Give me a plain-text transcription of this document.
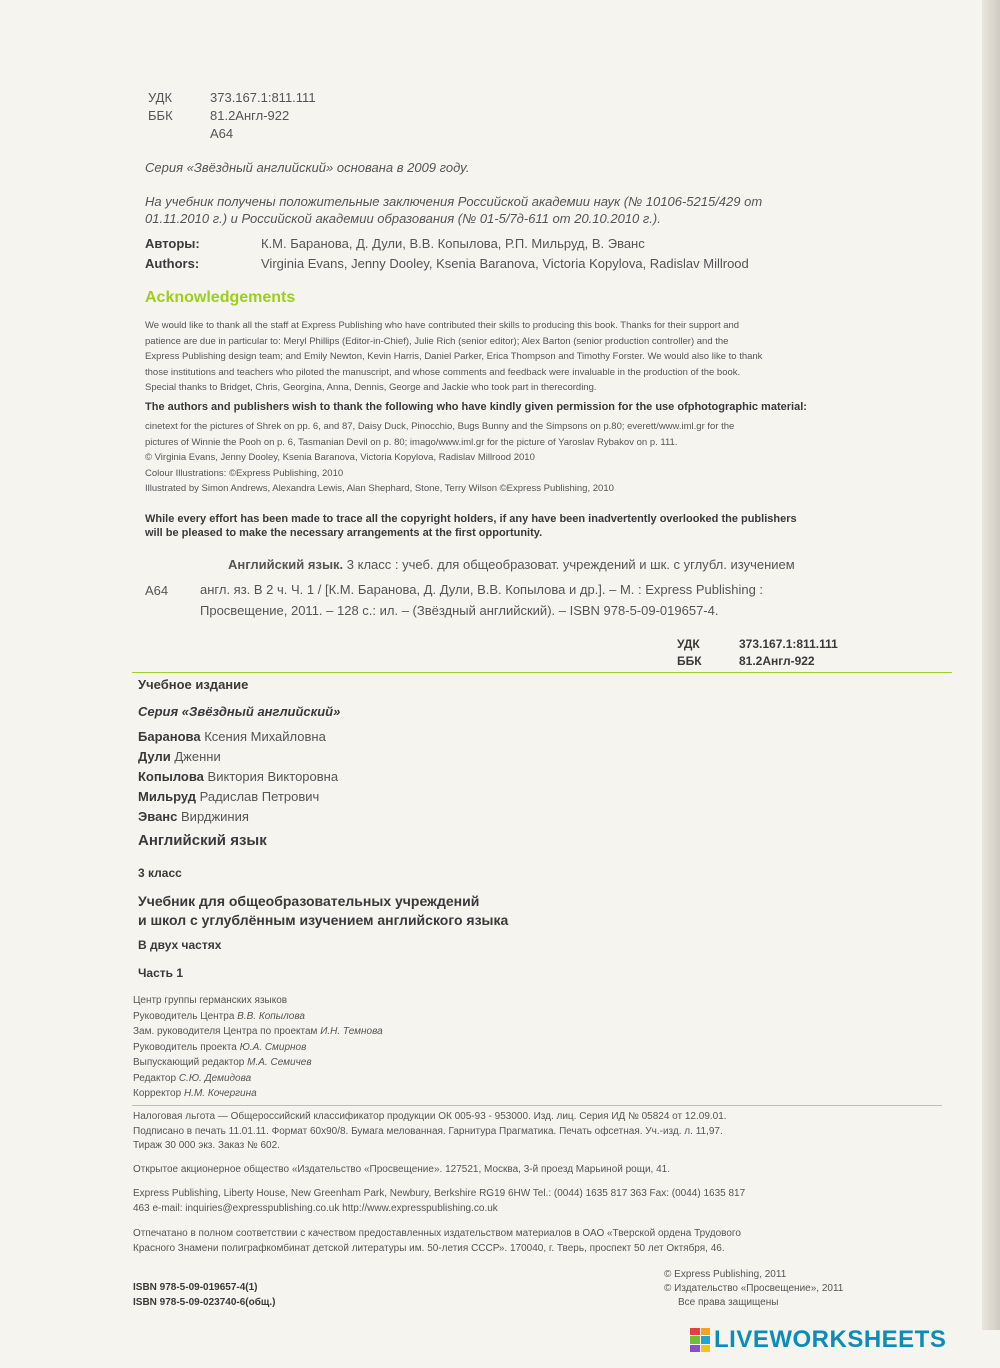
УДК	373.167.1:811.111
ББК	81.2Англ-922
А64
Серия «Звёздный английский» основана в 2009 году.
На учебник получены положительные заключения Российской академии наук (№ 10106-5215/429 от
01.11.2010 г.) и Российской академии образования (№ 01-5/7д-611 от 20.10.2010 г.).
Авторы:	К.М. Баранова, Д. Дули, В.В. Копылова, Р.П. Мильруд, В. Эванс
Authors:	Virginia Evans, Jenny Dooley, Ksenia Baranova, Victoria Kopylova, Radislav Millrood
Acknowledgements
We would like to thank all the staff at Express Publishing who have contributed their skills to producing this book. Thanks for their support and
patience are due in particular to: Meryl Phillips (Editor-in-Chief), Julie Rich (senior editor); Alex Barton (senior production controller) and the
Express Publishing design team; and Emily Newton, Kevin Harris, Daniel Parker, Erica Thompson and Timothy Forster. We would also like to thank
those institutions and teachers who piloted the manuscript, and whose comments and feedback were invaluable in the production of the book.
Special thanks to Bridget, Chris, Georgina, Anna, Dennis, George and Jackie who took part in therecording.
The authors and publishers wish to thank the following who have kindly given permission for the use ofphotographic material:
cinetext for the pictures of Shrek on pp. 6, and 87, Daisy Duck, Pinocchio, Bugs Bunny and the Simpsons on p.80; everett/www.iml.gr for the
pictures of Winnie the Pooh on p. 6, Tasmanian Devil on p. 80; imago/www.iml.gr for the picture of Yaroslav Rybakov on p. 111.
© Virginia Evans, Jenny Dooley, Ksenia Baranova, Victoria Kopylova, Radislav Millrood 2010
Colour Illustrations: ©Express Publishing, 2010
Illustrated by Simon Andrews, Alexandra Lewis, Alan Shephard, Stone, Terry Wilson ©Express Publishing, 2010
While every effort has been made to trace all the copyright holders, if any have been inadvertently overlooked the publishers
will be pleased to make the necessary arrangements at the first opportunity.
А64
Английский язык. 3 класс : учеб. для общеобразоват. учреждений и шк. с углубл. изучением
англ. яз. В 2 ч. Ч. 1 / [К.М. Баранова, Д. Дули, В.В. Копылова и др.]. – М. : Express Publishing :
Просвещение, 2011. – 128 с.: ил. – (Звёздный английский). – ISBN 978-5-09-019657-4.
УДК	373.167.1:811.111
ББК	81.2Англ-922
Учебное издание
Серия «Звёздный английский»
Баранова Ксения Михайловна
Дули Дженни
Копылова Виктория Викторовна
Мильруд Радислав Петрович
Эванс Вирджиния
Английский язык
3 класс
Учебник для общеобразовательных учреждений
и школ с углублённым изучением английского языка
В двух частях
Часть 1
Центр группы германских языков
Руководитель Центра В.В. Копылова
Зам. руководителя Центра по проектам И.Н. Темнова
Руководитель проекта Ю.А. Смирнов
Выпускающий редактор М.А. Семичев
Редактор С.Ю. Демидова
Корректор Н.М. Кочергина
Налоговая льгота — Общероссийский классификатор продукции ОК 005-93 - 953000. Изд. лиц. Серия ИД № 05824 от 12.09.01.
Подписано в печать 11.01.11. Формат 60x90/8. Бумага мелованная. Гарнитура Прагматика. Печать офсетная. Уч.-изд. л. 11,97.
Тираж 30 000 экз. Заказ № 602.
Открытое акционерное общество «Издательство «Просвещение». 127521, Москва, 3-й проезд Марьиной рощи, 41.
Express Publishing, Liberty House, New Greenham Park, Newbury, Berkshire RG19 6HW Tel.: (0044) 1635 817 363 Fax: (0044) 1635 817
463 e-mail: inquiries@expresspublishing.co.uk http://www.expresspublishing.co.uk
Отпечатано в полном соответствии с качеством предоставленных издательством материалов в ОАО «Тверской ордена Трудового
Красного Знамени полиграфкомбинат детской литературы им. 50-летия СССР». 170040, г. Тверь, проспект 50 лет Октября, 46.
ISBN 978-5-09-019657-4(1)
ISBN 978-5-09-023740-6(общ.)
© Express Publishing, 2011
© Издательство «Просвещение», 2011
Все права защищены
LIVEWORKSHEETS
